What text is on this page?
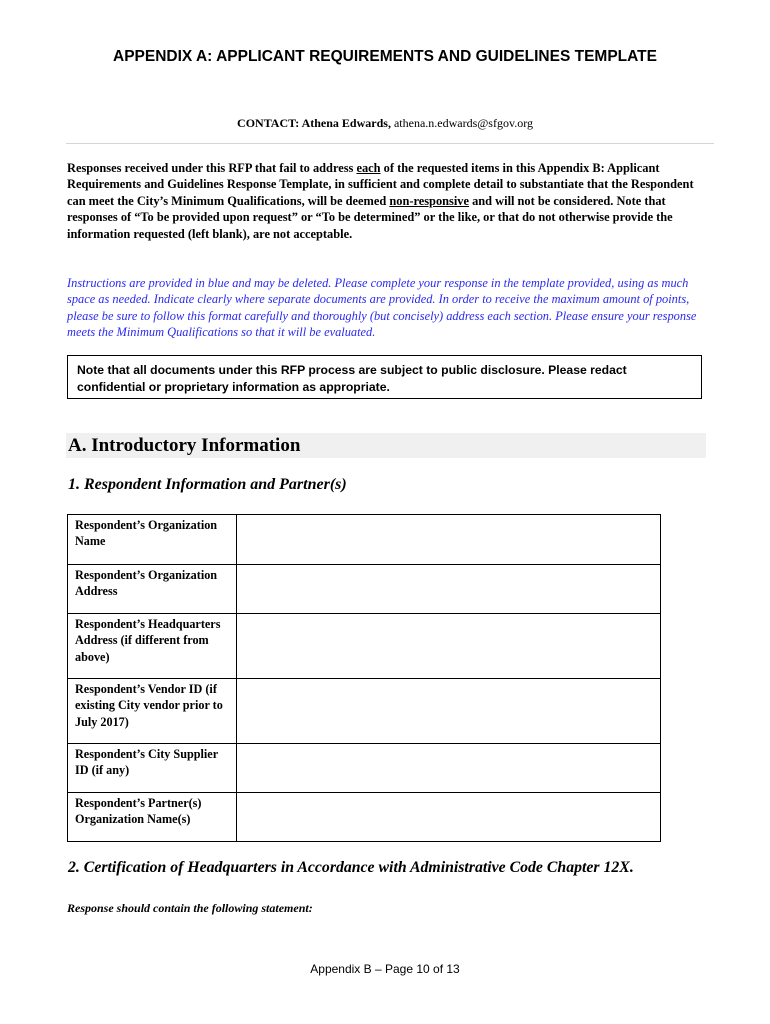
APPENDIX A: APPLICANT REQUIREMENTS AND GUIDELINES TEMPLATE
CONTACT: Athena Edwards, athena.n.edwards@sfgov.org
Responses received under this RFP that fail to address each of the requested items in this Appendix B: Applicant Requirements and Guidelines Response Template, in sufficient and complete detail to substantiate that the Respondent can meet the City’s Minimum Qualifications, will be deemed non-responsive and will not be considered. Note that responses of “To be provided upon request” or “To be determined” or the like, or that do not otherwise provide the information requested (left blank), are not acceptable.
Instructions are provided in blue and may be deleted. Please complete your response in the template provided, using as much space as needed. Indicate clearly where separate documents are provided. In order to receive the maximum amount of points, please be sure to follow this format carefully and thoroughly (but concisely) address each section. Please ensure your response meets the Minimum Qualifications so that it will be evaluated.
Note that all documents under this RFP process are subject to public disclosure. Please redact confidential or proprietary information as appropriate.
A. Introductory Information
1. Respondent Information and Partner(s)
Respondent’s Organization Name	
Respondent’s Organization Address	
Respondent’s Headquarters Address (if different from above)	
Respondent’s Vendor ID (if existing City vendor prior to July 2017)	
Respondent’s City Supplier ID (if any)	
Respondent’s Partner(s) Organization Name(s)	
2. Certification of Headquarters in Accordance with Administrative Code Chapter 12X.
Response should contain the following statement:
Appendix B – Page 10 of 13
